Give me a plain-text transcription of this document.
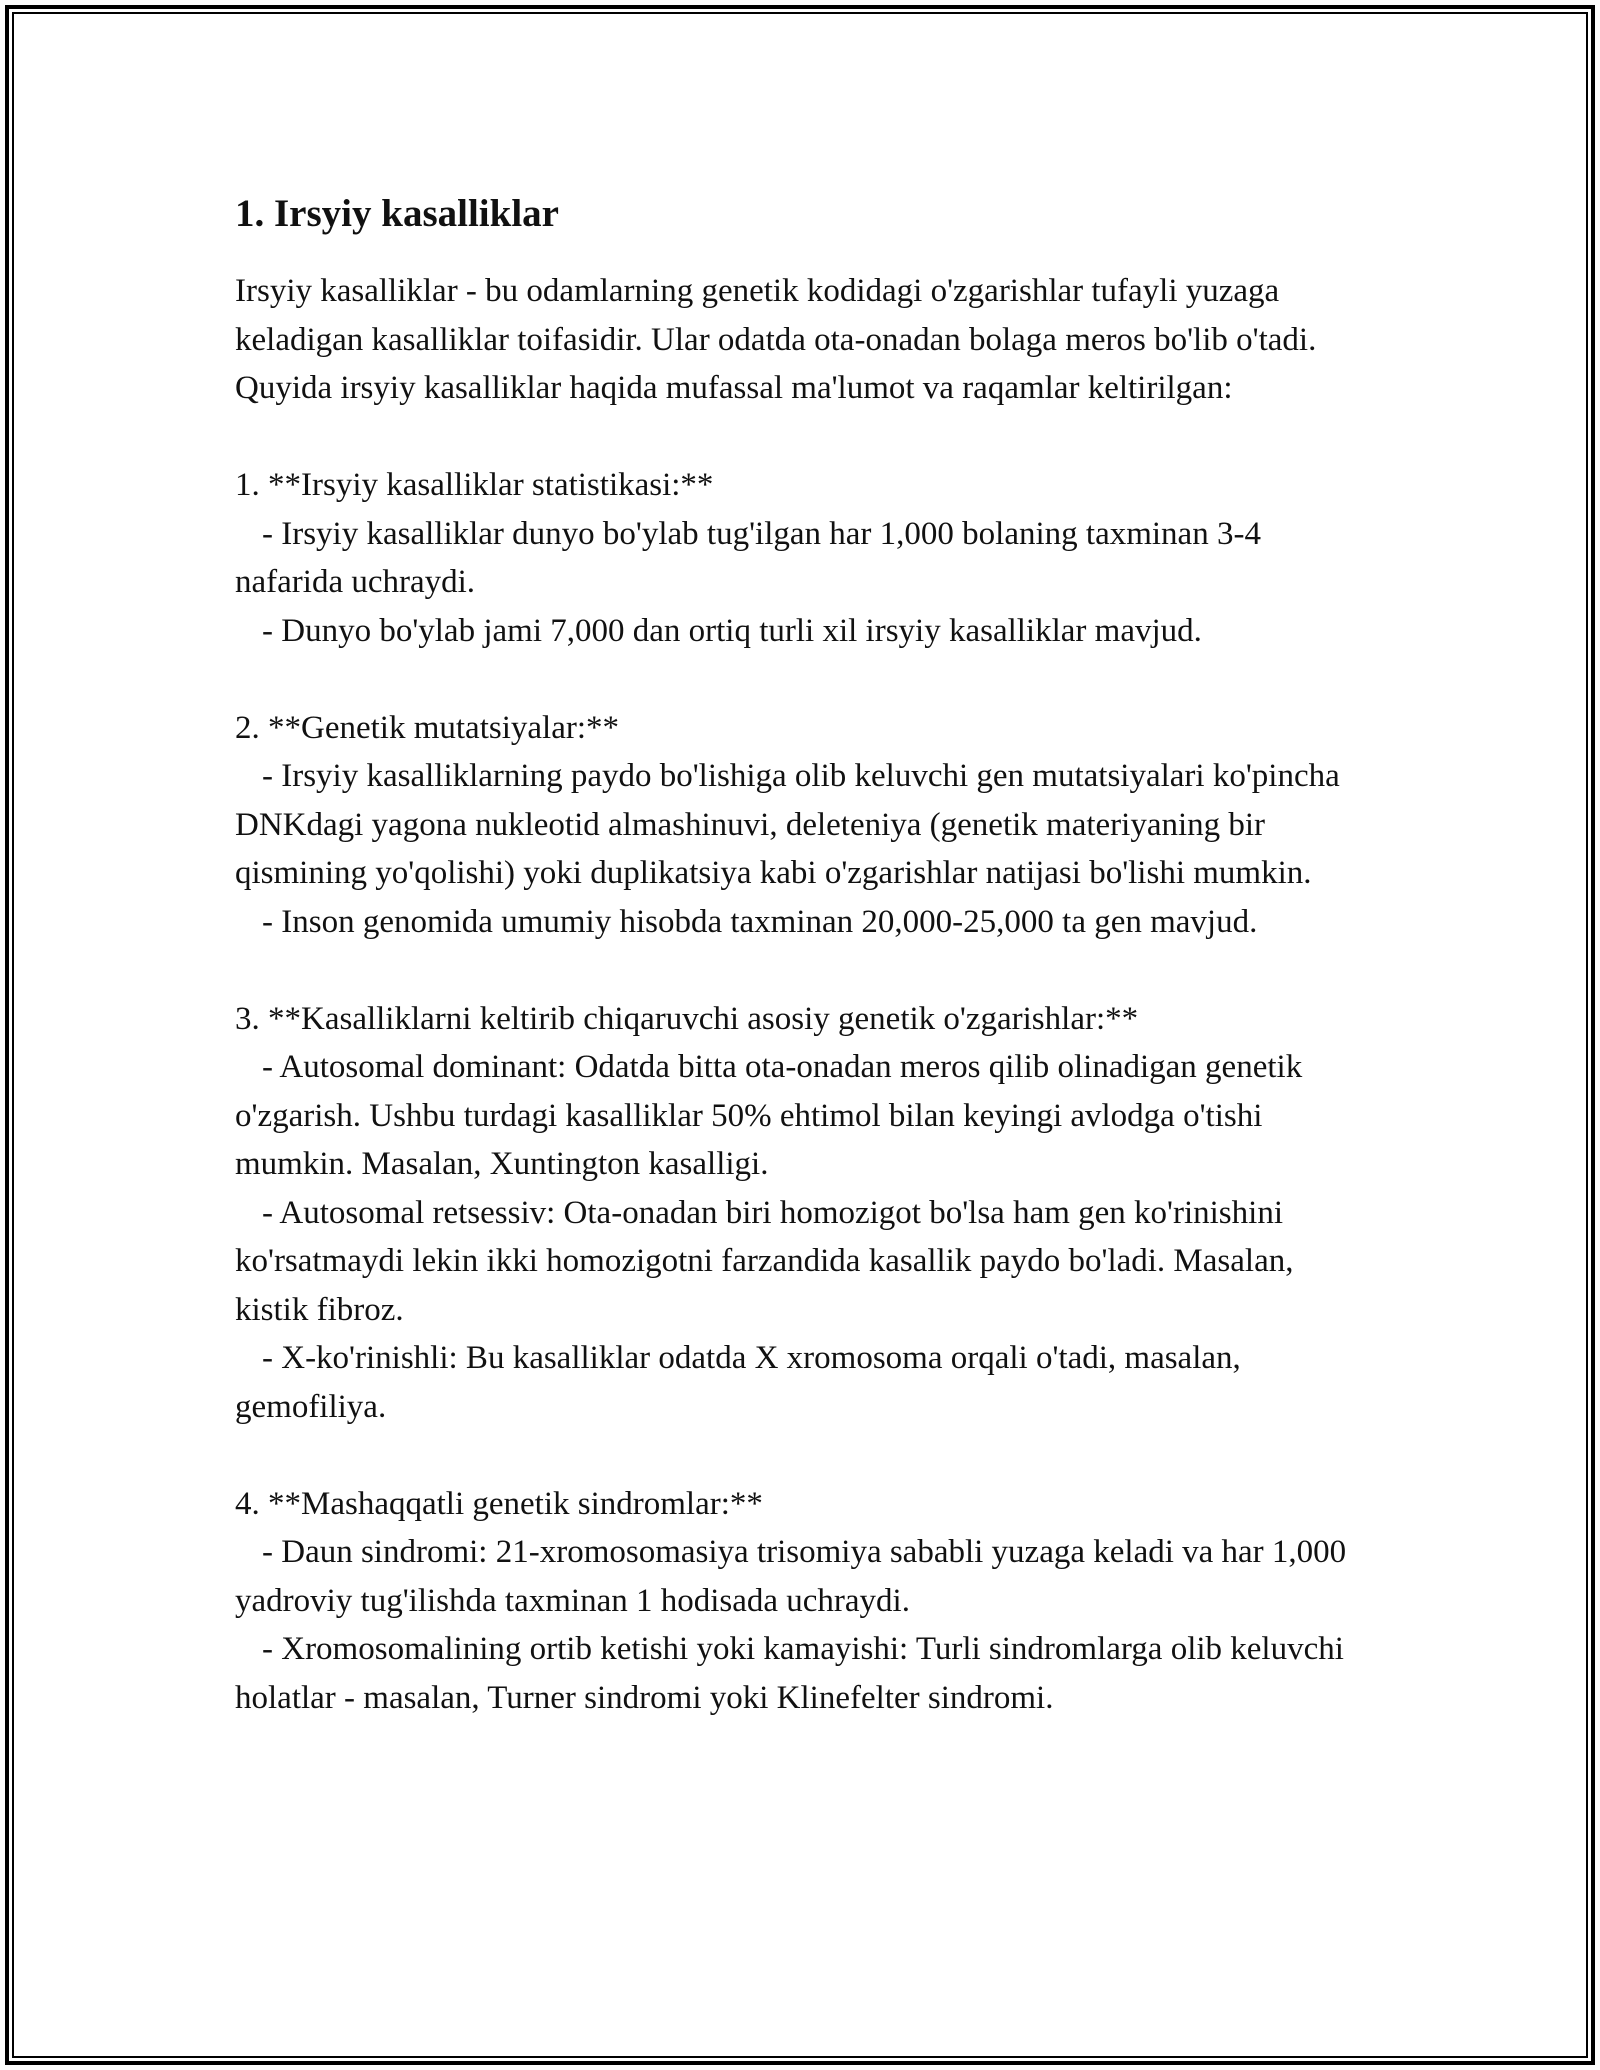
1. Irsyiy kasalliklar

Irsyiy kasalliklar - bu odamlarning genetik kodidagi o'zgarishlar tufayli yuzaga keladigan kasalliklar toifasidir. Ular odatda ota-onadan bolaga meros bo'lib o'tadi. Quyida irsyiy kasalliklar haqida mufassal ma'lumot va raqamlar keltirilgan:

1. **Irsyiy kasalliklar statistikasi:**

- Irsyiy kasalliklar dunyo bo'ylab tug'ilgan har 1,000 bolaning taxminan 3-4 nafarida uchraydi.

- Dunyo bo'ylab jami 7,000 dan ortiq turli xil irsyiy kasalliklar mavjud.

2. **Genetik mutatsiyalar:**

- Irsyiy kasalliklarning paydo bo'lishiga olib keluvchi gen mutatsiyalari ko'pincha DNKdagi yagona nukleotid almashinuvi, deleteniya (genetik materiyaning bir qismining yo'qolishi) yoki duplikatsiya kabi o'zgarishlar natijasi bo'lishi mumkin.

- Inson genomida umumiy hisobda taxminan 20,000-25,000 ta gen mavjud.

3. **Kasalliklarni keltirib chiqaruvchi asosiy genetik o'zgarishlar:**

- Autosomal dominant: Odatda bitta ota-onadan meros qilib olinadigan genetik o'zgarish. Ushbu turdagi kasalliklar 50% ehtimol bilan keyingi avlodga o'tishi mumkin. Masalan, Xuntington kasalligi.

- Autosomal retsessiv: Ota-onadan biri homozigot bo'lsa ham gen ko'rinishini ko'rsatmaydi lekin ikki homozigotni farzandida kasallik paydo bo'ladi. Masalan, kistik fibroz.

- X-ko'rinishli: Bu kasalliklar odatda X xromosoma orqali o'tadi, masalan, gemofiliya.

4. **Mashaqqatli genetik sindromlar:**

- Daun sindromi: 21-xromosomasiya trisomiya sababli yuzaga keladi va har 1,000 yadroviy tug'ilishda taxminan 1 hodisada uchraydi.

- Xromosomalining ortib ketishi yoki kamayishi: Turli sindromlarga olib keluvchi holatlar - masalan, Turner sindromi yoki Klinefelter sindromi.
